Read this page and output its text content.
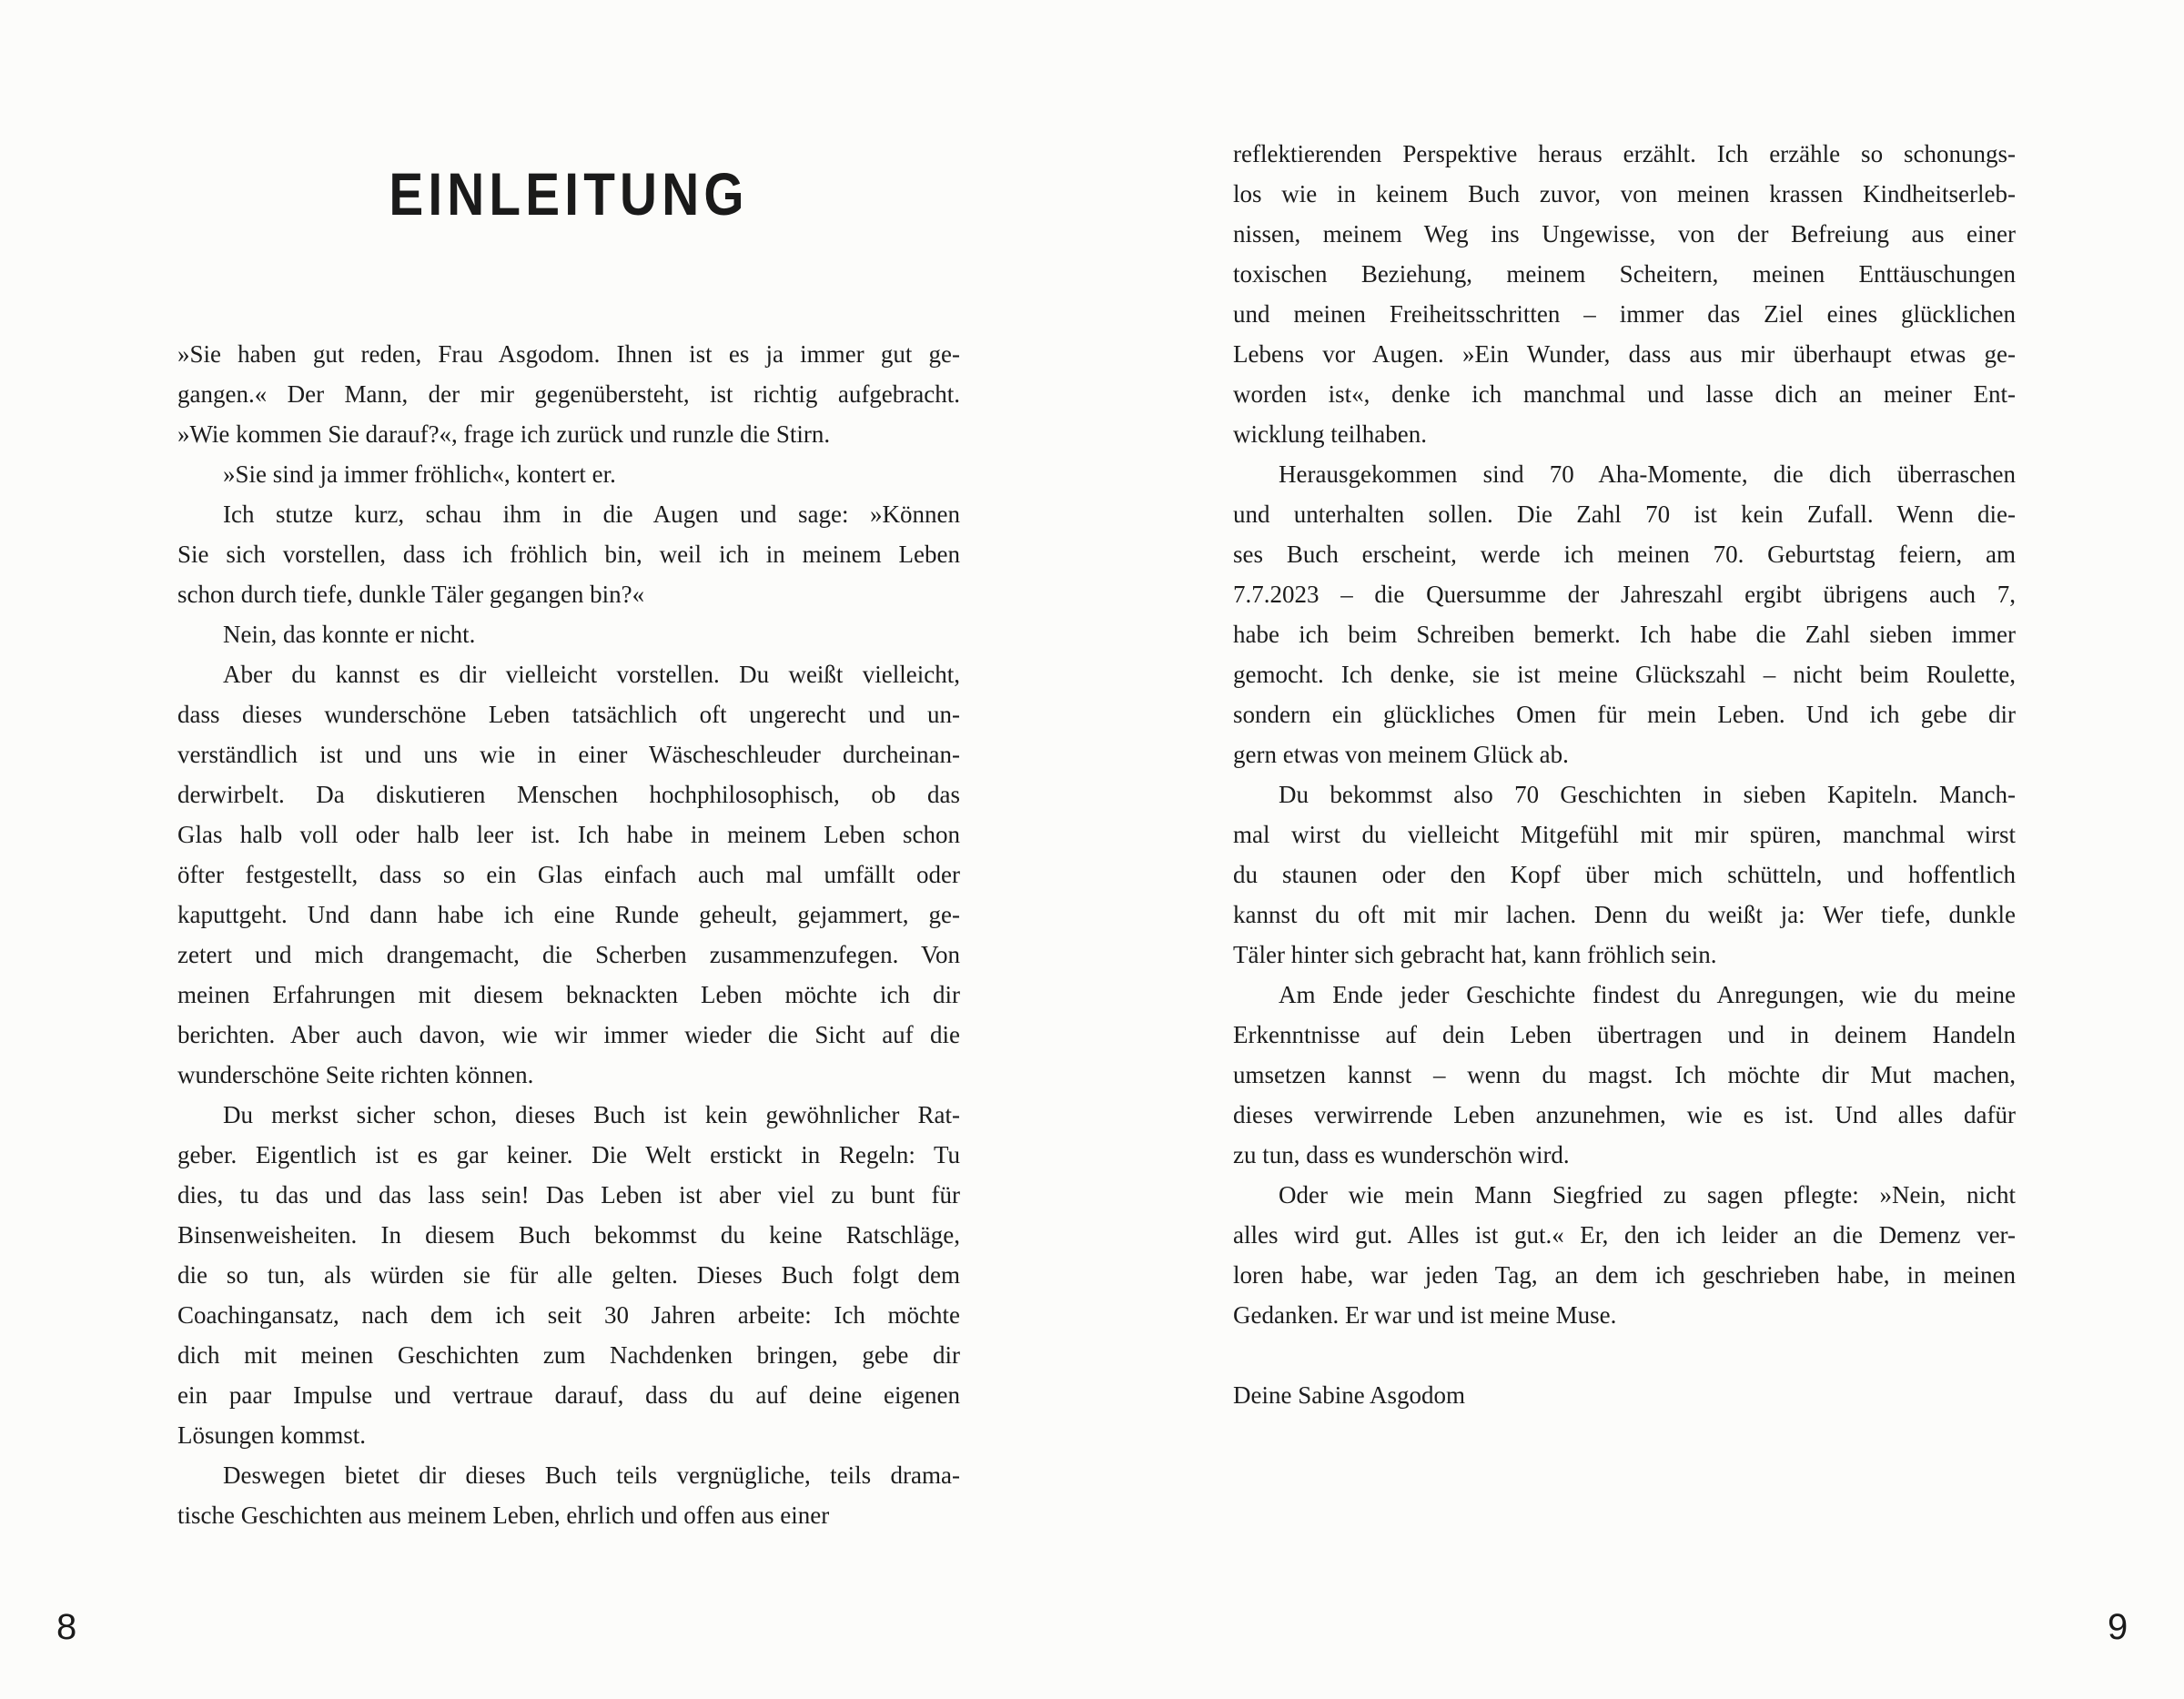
EINLEITUNG
»Sie haben gut reden, Frau Asgodom. Ihnen ist es ja immer gut ge-
gangen.« Der Mann, der mir gegenübersteht, ist richtig aufgebracht.
»Wie kommen Sie darauf?«, frage ich zurück und runzle die Stirn.
»Sie sind ja immer fröhlich«, kontert er.
Ich stutze kurz, schau ihm in die Augen und sage: »Können
Sie sich vorstellen, dass ich fröhlich bin, weil ich in meinem Leben
schon durch tiefe, dunkle Täler gegangen bin?«
Nein, das konnte er nicht.
Aber du kannst es dir vielleicht vorstellen. Du weißt vielleicht,
dass dieses wunderschöne Leben tatsächlich oft ungerecht und un-
verständlich ist und uns wie in einer Wäscheschleuder durcheinan-
derwirbelt. Da diskutieren Menschen hochphilosophisch, ob das
Glas halb voll oder halb leer ist. Ich habe in meinem Leben schon
öfter festgestellt, dass so ein Glas einfach auch mal umfällt oder
kaputtgeht. Und dann habe ich eine Runde geheult, gejammert, ge-
zetert und mich drangemacht, die Scherben zusammenzufegen. Von
meinen Erfahrungen mit diesem beknackten Leben möchte ich dir
berichten. Aber auch davon, wie wir immer wieder die Sicht auf die
wunderschöne Seite richten können.
Du merkst sicher schon, dieses Buch ist kein gewöhnlicher Rat-
geber. Eigentlich ist es gar keiner. Die Welt erstickt in Regeln: Tu
dies, tu das und das lass sein! Das Leben ist aber viel zu bunt für
Binsenweisheiten. In diesem Buch bekommst du keine Ratschläge,
die so tun, als würden sie für alle gelten. Dieses Buch folgt dem
Coachingansatz, nach dem ich seit 30 Jahren arbeite: Ich möchte
dich mit meinen Geschichten zum Nachdenken bringen, gebe dir
ein paar Impulse und vertraue darauf, dass du auf deine eigenen
Lösungen kommst.
Deswegen bietet dir dieses Buch teils vergnügliche, teils drama-
tische Geschichten aus meinem Leben, ehrlich und offen aus einer
reflektierenden Perspektive heraus erzählt. Ich erzähle so schonungs-
los wie in keinem Buch zuvor, von meinen krassen Kindheitserleb-
nissen, meinem Weg ins Ungewisse, von der Befreiung aus einer
toxischen Beziehung, meinem Scheitern, meinen Enttäuschungen
und meinen Freiheitsschritten – immer das Ziel eines glücklichen
Lebens vor Augen. »Ein Wunder, dass aus mir überhaupt etwas ge-
worden ist«, denke ich manchmal und lasse dich an meiner Ent-
wicklung teilhaben.
Herausgekommen sind 70 Aha-Momente, die dich überraschen
und unterhalten sollen. Die Zahl 70 ist kein Zufall. Wenn die-
ses Buch erscheint, werde ich meinen 70. Geburtstag feiern, am
7.7.2023 – die Quersumme der Jahreszahl ergibt übrigens auch 7,
habe ich beim Schreiben bemerkt. Ich habe die Zahl sieben immer
gemocht. Ich denke, sie ist meine Glückszahl – nicht beim Roulette,
sondern ein glückliches Omen für mein Leben. Und ich gebe dir
gern etwas von meinem Glück ab.
Du bekommst also 70 Geschichten in sieben Kapiteln. Manch-
mal wirst du vielleicht Mitgefühl mit mir spüren, manchmal wirst
du staunen oder den Kopf über mich schütteln, und hoffentlich
kannst du oft mit mir lachen. Denn du weißt ja: Wer tiefe, dunkle
Täler hinter sich gebracht hat, kann fröhlich sein.
Am Ende jeder Geschichte findest du Anregungen, wie du meine
Erkenntnisse auf dein Leben übertragen und in deinem Handeln
umsetzen kannst – wenn du magst. Ich möchte dir Mut machen,
dieses verwirrende Leben anzunehmen, wie es ist. Und alles dafür
zu tun, dass es wunderschön wird.
Oder wie mein Mann Siegfried zu sagen pflegte: »Nein, nicht
alles wird gut. Alles ist gut.« Er, den ich leider an die Demenz ver-
loren habe, war jeden Tag, an dem ich geschrieben habe, in meinen
Gedanken. Er war und ist meine Muse.
Deine Sabine Asgodom
8	9
